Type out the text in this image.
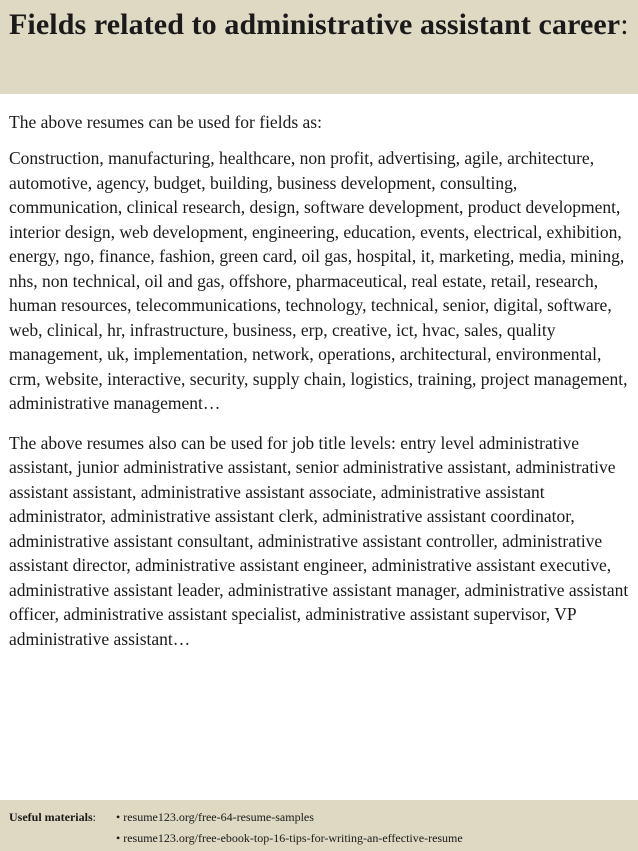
Fields related to administrative assistant career:

The above resumes can be used for fields as:

Construction, manufacturing, healthcare, non profit, advertising, agile, architecture, automotive, agency, budget, building, business development, consulting, communication, clinical research, design, software development, product development, interior design, web development, engineering, education, events, electrical, exhibition, energy, ngo, finance, fashion, green card, oil gas, hospital, it, marketing, media, mining, nhs, non technical, oil and gas, offshore, pharmaceutical, real estate, retail, research, human resources, telecommunications, technology, technical, senior, digital, software, web, clinical, hr, infrastructure, business, erp, creative, ict, hvac, sales, quality management, uk, implementation, network, operations, architectural, environmental, crm, website, interactive, security, supply chain, logistics, training, project management, administrative management…

The above resumes also can be used for job title levels: entry level administrative assistant, junior administrative assistant, senior administrative assistant, administrative assistant assistant, administrative assistant associate, administrative assistant administrator, administrative assistant clerk, administrative assistant coordinator, administrative assistant consultant, administrative assistant controller, administrative assistant director, administrative assistant engineer, administrative assistant executive, administrative assistant leader, administrative assistant manager, administrative assistant officer, administrative assistant specialist, administrative assistant supervisor, VP administrative assistant…

Useful materials:	• resume123.org/free-64-resume-samples
• resume123.org/free-ebook-top-16-tips-for-writing-an-effective-resume
